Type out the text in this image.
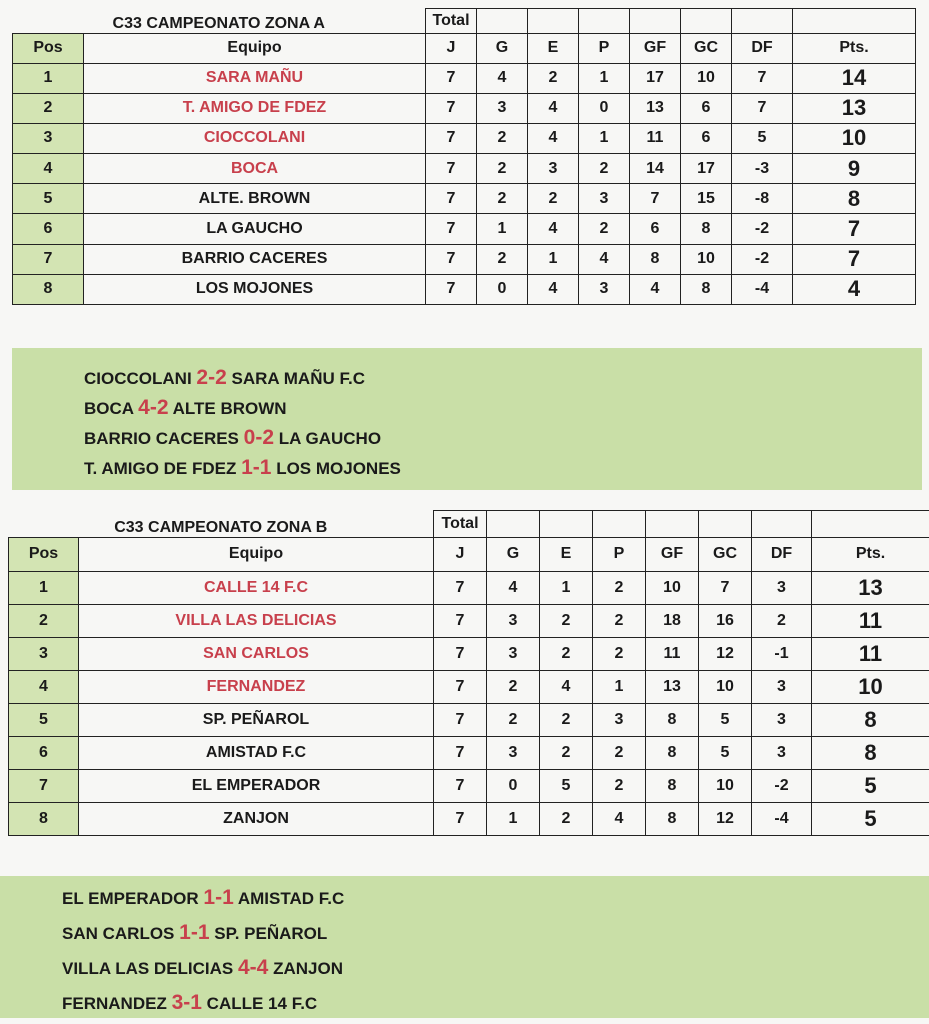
C33 CAMPEONATO ZONA A		Total							
Pos	Equipo	J	G	E	P	GF	GC	DF	Pts.
1	SARA MAÑU	7	4	2	1	17	10	7	14
2	T. AMIGO DE FDEZ	7	3	4	0	13	6	7	13
3	CIOCCOLANI	7	2	4	1	11	6	5	10
4	BOCA	7	2	3	2	14	17	-3	9
5	ALTE. BROWN	7	2	2	3	7	15	-8	8
6	LA GAUCHO	7	1	4	2	6	8	-2	7
7	BARRIO CACERES	7	2	1	4	8	10	-2	7
8	LOS MOJONES	7	0	4	3	4	8	-4	4
CIOCCOLANI 2-2 SARA MAÑU F.C
BOCA 4-2 ALTE BROWN
BARRIO CACERES 0-2 LA GAUCHO
T. AMIGO DE FDEZ 1-1 LOS MOJONES
C33 CAMPEONATO ZONA B		Total							
Pos	Equipo	J	G	E	P	GF	GC	DF	Pts.
1	CALLE 14 F.C	7	4	1	2	10	7	3	13
2	VILLA LAS DELICIAS	7	3	2	2	18	16	2	11
3	SAN CARLOS	7	3	2	2	11	12	-1	11
4	FERNANDEZ	7	2	4	1	13	10	3	10
5	SP. PEÑAROL	7	2	2	3	8	5	3	8
6	AMISTAD F.C	7	3	2	2	8	5	3	8
7	EL EMPERADOR	7	0	5	2	8	10	-2	5
8	ZANJON	7	1	2	4	8	12	-4	5
EL EMPERADOR 1-1 AMISTAD F.C
SAN CARLOS 1-1 SP. PEÑAROL
VILLA LAS DELICIAS 4-4 ZANJON
FERNANDEZ 3-1 CALLE 14 F.C
